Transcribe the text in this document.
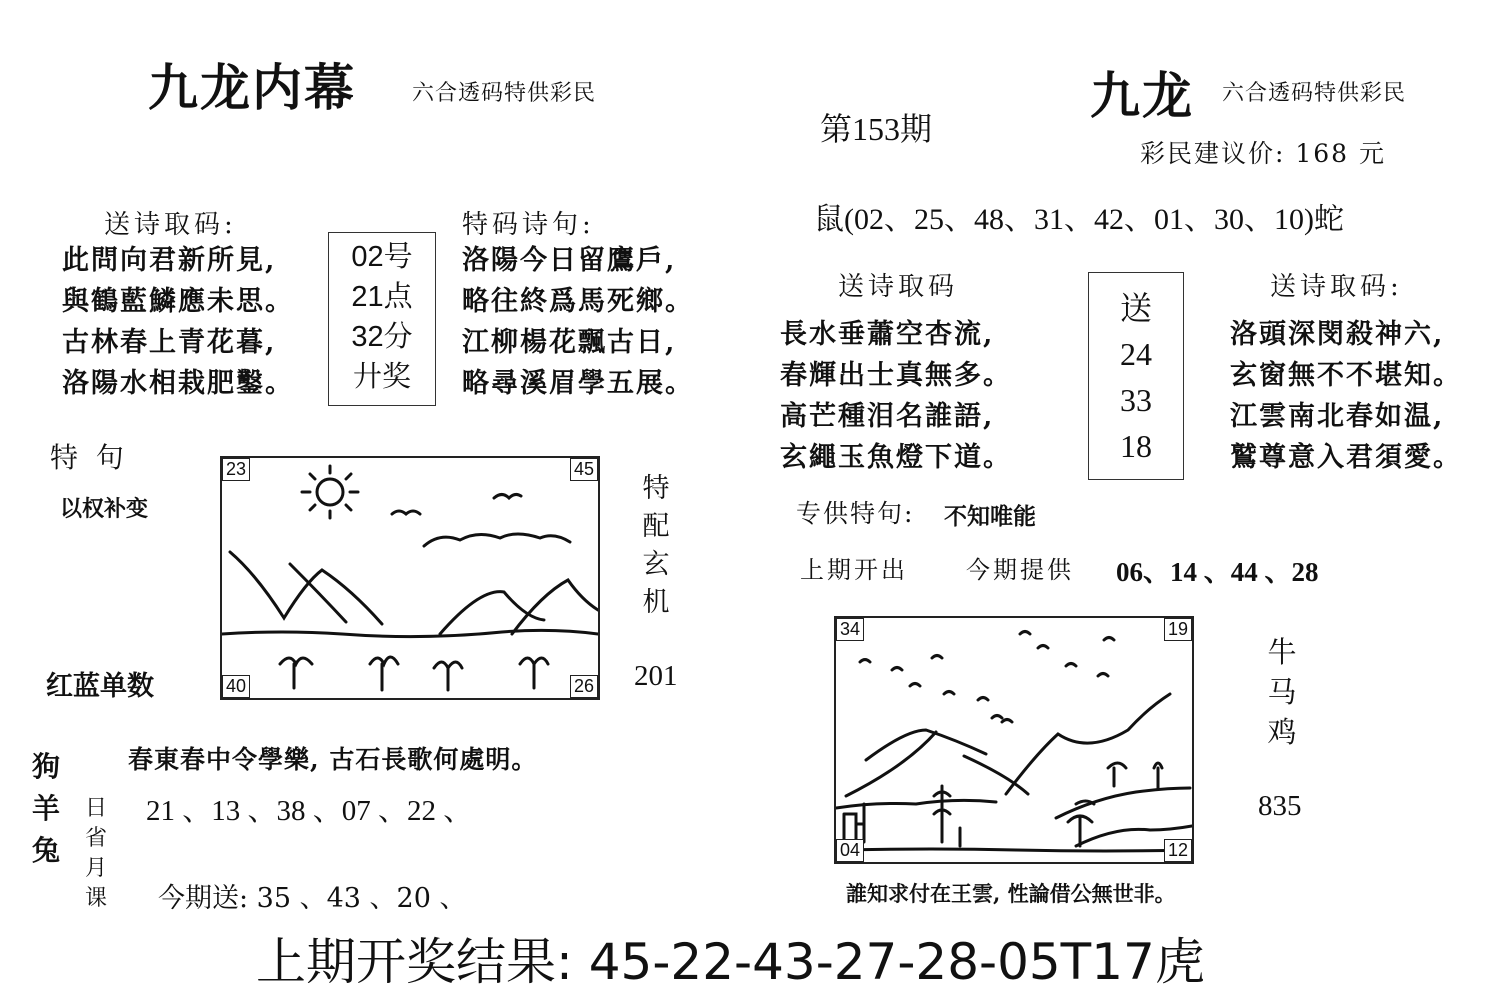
九龙内幕	六合透码特供彩民
送诗取码:
此問向君新所見,
與鶴藍鱗應未思。
古林春上青花暮,
洛陽水相栽肥鑿。
02号
21点
32分
廾奖
特码诗句:
洛陽今日留鷹戶,
略往終爲馬死鄉。
江柳楊花飄古日,
略尋溪眉學五展。
特  句
以权补变
红蓝单数
23	45
40	26
特
配
玄
机
201
春東春中令學樂, 古石長歌何處明。
狗
羊
兔
日
省
月
课
21 、13 、38 、07 、22 、
今期送: 35 、43 、20 、
第153期
九龙 六合透码特供彩民
彩民建议价: 168 元
鼠(02、25、48、31、42、01、30、10)蛇
送诗取码
長水垂蕭空杏流,
春輝出士真無多。
高芒種泪名誰語,
玄繩玉魚燈下道。
送
24
33
18
送诗取码:
洛頭深閔殺神六,
玄窗無不不堪知。
江雲南北春如温,
鷲尊意入君須愛。
专供特句: 不知唯能
上期开出 今期提供 06、14 、44 、28
34	19
04	12
牛
马
鸡
835
誰知求付在王雲, 性論借公無世非。
上期开奖结果: 45-22-43-27-28-05T17虎
